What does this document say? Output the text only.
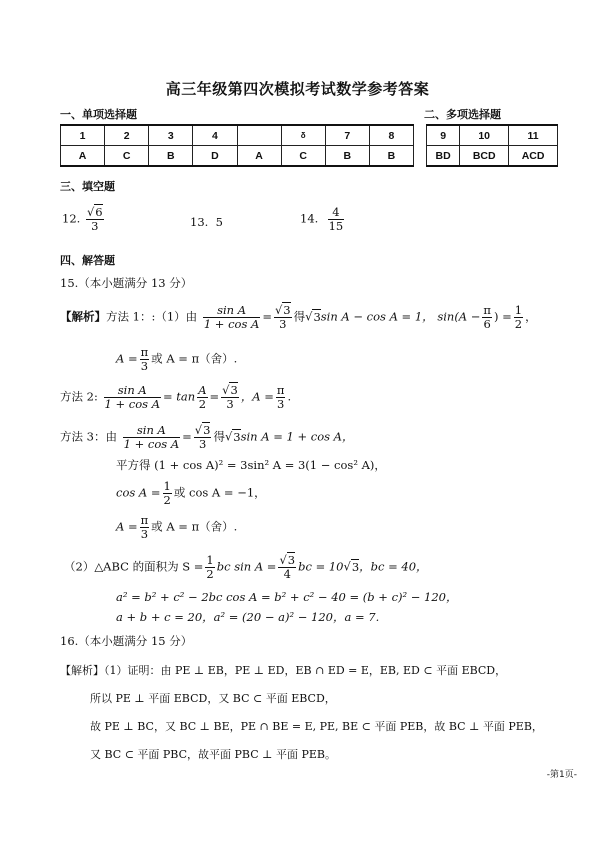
高三年级第四次模拟考试数学参考答案
一、单项选择题
1	2	3	4		δ	7	8
A	C	B	D	A	C	B	B
二、多项选择题
9	10	11
BD	BCD	ACD
三、填空题
12. $\frac{√6}{3}$	13. 5	14. $\frac{4}{15}$
四、解答题
15.（本小题满分 13 分）
【解析】方法 1：:（1）由 $\frac{\text{sin A}}{\text{1 + cos A}} = \frac{√3}{3}$ 得√3sin A − cos A = 1， $\sin(A - \frac{\pi}{6}$ ) = $\frac{1}{2}$ ，
$A = \frac{\pi}{3}$ 或 A = π（舍）.
方法 2: $\frac{\text{sin A}}{\text{1 + cos A}} = \tan \frac{A}{2} = \frac{√3}{3}$ ，$A = \frac{\pi}{3}$ .
方法 3：由 $\frac{\text{sin A}}{\text{1 + cos A}} = \frac{√3}{3}$ 得√3sin A = 1 + cos A，
平方得 (1 + cos A)² = 3sin² A = 3(1 − cos² A)，
$\cos A = \frac{1}{2}$ 或 cos A = −1，
$A = \frac{\pi}{3}$ 或 A = π（舍）.
（2）△ABC 的面积为 $S = \frac{1}{2}$ bc $\sin A = \frac{√3}{4}$ bc = 10√3，bc = 40，
a² = b² + c² − 2bc cos A = b² + c² − 40 = (b + c)² − 120，
a + b + c = 20，a² = (20 − a)² − 120，a = 7.
16.（本小题满分 15 分）
【解析】（1）证明：由 PE ⊥ EB，PE ⊥ ED，EB ∩ ED = E，EB, ED ⊂ 平面 EBCD，
所以 PE ⊥ 平面 EBCD，又 BC ⊂ 平面 EBCD，
故 PE ⊥ BC，又 BC ⊥ BE，PE ∩ BE = E, PE, BE ⊂ 平面 PEB，故 BC ⊥ 平面 PEB，
又 BC ⊂ 平面 PBC，故平面 PBC ⊥ 平面 PEB。
-第1页-
